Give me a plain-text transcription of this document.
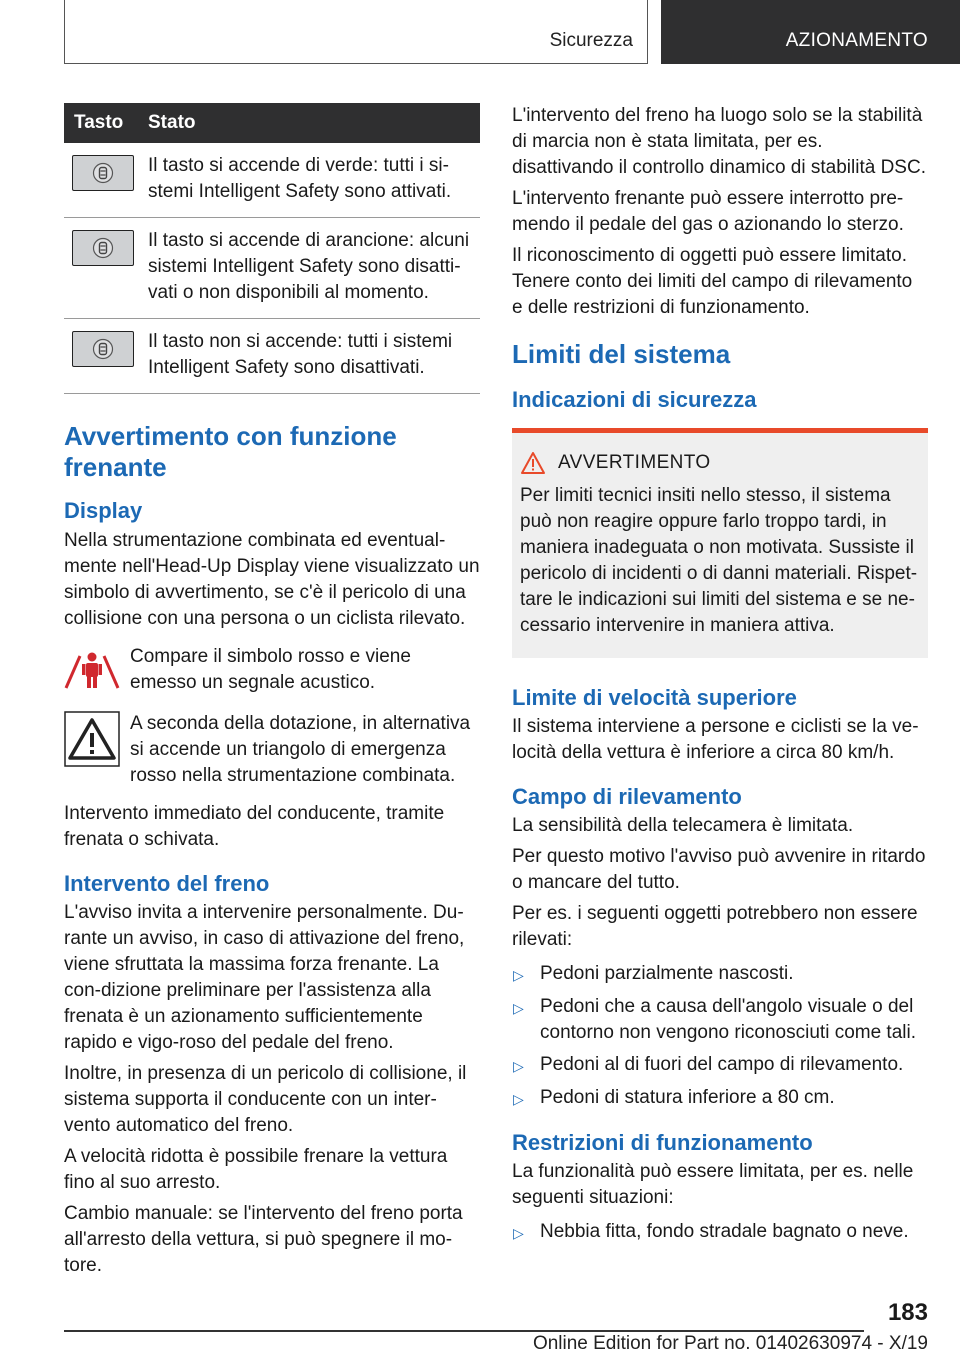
Sicurezza	AZIONAMENTO
Tasto	Stato
Il tasto si accende di verde: tutti i si-stemi Intelligent Safety sono attivati.
Il tasto si accende di arancione: alcuni sistemi Intelligent Safety sono disatti-vati o non disponibili al momento.
Il tasto non si accende: tutti i sistemi Intelligent Safety sono disattivati.
Avvertimento con funzione frenante
Display
Nella strumentazione combinata ed eventual-mente nell'Head-Up Display viene visualizzato un simbolo di avvertimento, se c'è il pericolo di una collisione con una persona o un ciclista rilevato.
Compare il simbolo rosso e viene emesso un segnale acustico.
A seconda della dotazione, in alternativa si accende un triangolo di emergenza rosso nella strumentazione combinata.
Intervento immediato del conducente, tramite frenata o schivata.
Intervento del freno
L'avviso invita a intervenire personalmente. Du-rante un avviso, in caso di attivazione del freno, viene sfruttata la massima forza frenante. La con-dizione preliminare per l'assistenza alla frenata è un azionamento sufficientemente rapido e vigo-roso del pedale del freno.
Inoltre, in presenza di un pericolo di collisione, il sistema supporta il conducente con un inter-vento automatico del freno.
A velocità ridotta è possibile frenare la vettura fino al suo arresto.
Cambio manuale: se l'intervento del freno porta all'arresto della vettura, si può spegnere il mo-tore.
L'intervento del freno ha luogo solo se la stabilità di marcia non è stata limitata, per es. disattivando il controllo dinamico di stabilità DSC.
L'intervento frenante può essere interrotto pre-mendo il pedale del gas o azionando lo sterzo.
Il riconoscimento di oggetti può essere limitato. Tenere conto dei limiti del campo di rilevamento e delle restrizioni di funzionamento.
Limiti del sistema
Indicazioni di sicurezza
AVVERTIMENTO
Per limiti tecnici insiti nello stesso, il sistema può non reagire oppure farlo troppo tardi, in maniera inadeguata o non motivata. Sussiste il pericolo di incidenti o di danni materiali. Rispet-tare le indicazioni sui limiti del sistema e se ne-cessario intervenire in maniera attiva.
Limite di velocità superiore
Il sistema interviene a persone e ciclisti se la ve-locità della vettura è inferiore a circa 80 km/h.
Campo di rilevamento
La sensibilità della telecamera è limitata.
Per questo motivo l'avviso può avvenire in ritardo o mancare del tutto.
Per es. i seguenti oggetti potrebbero non essere rilevati:
▷ Pedoni parzialmente nascosti.
▷ Pedoni che a causa dell'angolo visuale o del contorno non vengono riconosciuti come tali.
▷ Pedoni al di fuori del campo di rilevamento.
▷ Pedoni di statura inferiore a 80 cm.
Restrizioni di funzionamento
La funzionalità può essere limitata, per es. nelle seguenti situazioni:
▷ Nebbia fitta, fondo stradale bagnato o neve.
183
Online Edition for Part no. 01402630974 - X/19
